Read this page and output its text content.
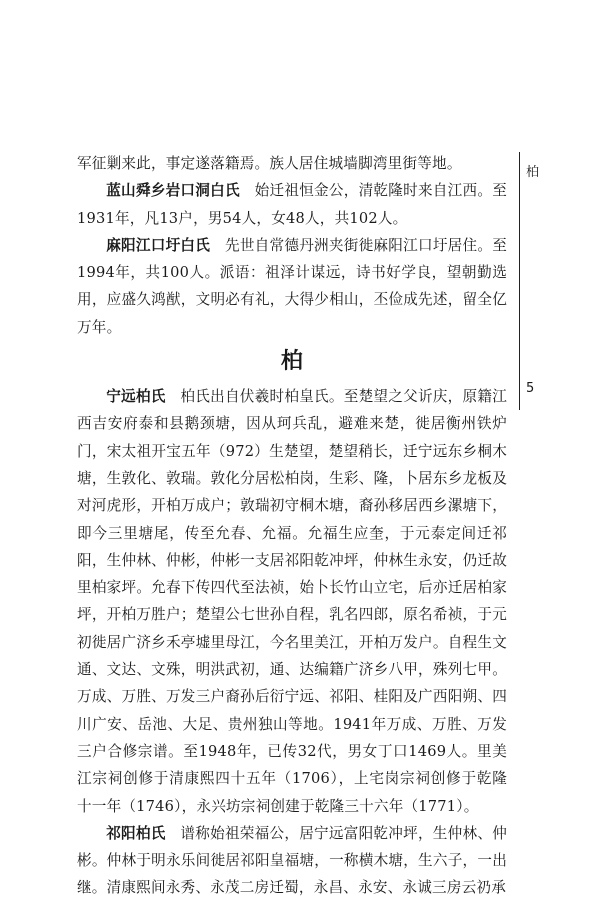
军征剿来此，事定遂落籍焉。族人居住城墙脚湾里街等地。

蓝山舜乡岩口洞白氏　始迁祖恒金公，清乾隆时来自江西。至1931年，凡13户，男54人，女48人，共102人。

麻阳江口圩白氏　先世自常德丹洲夹街徙麻阳江口圩居住。至1994年，共100人。派语：祖泽计谋远，诗书好学良，望朝勤选用，应盛久鸿猷，文明必有礼，大得少相山，丕俭成先述，留全亿万年。

柏

宁远柏氏　柏氏出自伏羲时柏皇氏。至楚望之父䜣庆，原籍江西吉安府泰和县鹅颈塘，因从珂兵乱，避难来楚，徙居衡州铁炉门，宋太祖开宝五年（972）生楚望，楚望稍长，迁宁远东乡桐木塘，生敦化、敦瑞。敦化分居松柏岗，生彩、隆，卜居东乡龙板及对河虎形，开柏万成户；敦瑞初守桐木塘，裔孙移居西乡漯塘下，即今三里塘尾，传至允春、允福。允福生应奎，于元泰定间迁祁阳，生仲林、仲彬，仲彬一支居祁阳乾冲坪，仲林生永安，仍迁故里柏家坪。允春下传四代至法祯，始卜长竹山立宅，后亦迁居柏家坪，开柏万胜户；楚望公七世孙自程，乳名四郎，原名希祯，于元初徙居广济乡禾亭墟里母江，今名里美江，开柏万发户。自程生文通、文达、文殊，明洪武初，通、达编籍广济乡八甲，殊列七甲。万成、万胜、万发三户裔孙后衍宁远、祁阳、桂阳及广西阳朔、四川广安、岳池、大足、贵州独山等地。1941年万成、万胜、万发三户合修宗谱。至1948年，已传32代，男女丁口1469人。里美江宗祠创修于清康熙四十五年（1706），上宅岗宗祠创修于乾隆十一年（1746），永兴坊宗祠创建于乾隆三十六年（1771）。

祁阳柏氏　谱称始祖荣福公，居宁远富阳乾冲坪，生仲林、仲彬。仲林于明永乐间徙居祁阳皇福塘，一称横木塘，生六子，一出继。清康熙间永秀、永茂二房迁蜀，永昌、永安、永诚三房云礽承

柏
5
